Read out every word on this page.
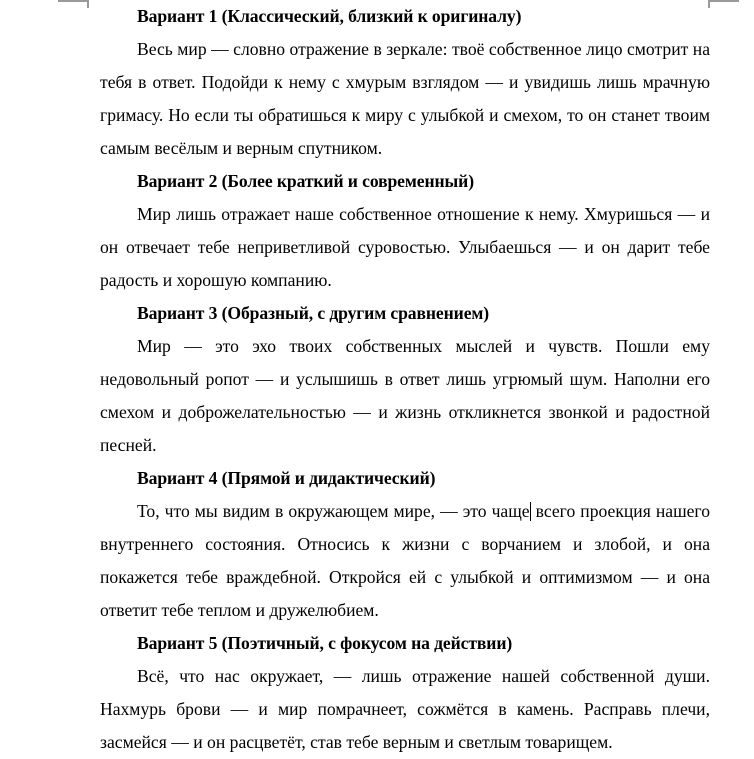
Вариант 1 (Классический, близкий к оригиналу)

Весь мир — словно отражение в зеркале: твоё собственное лицо смотрит на тебя в ответ. Подойди к нему с хмурым взглядом — и увидишь лишь мрачную гримасу. Но если ты обратишься к миру с улыбкой и смехом, то он станет твоим самым весёлым и верным спутником.

Вариант 2 (Более краткий и современный)

Мир лишь отражает наше собственное отношение к нему. Хмуришься — и он отвечает тебе неприветливой суровостью. Улыбаешься — и он дарит тебе радость и хорошую компанию.

Вариант 3 (Образный, с другим сравнением)

Мир — это эхо твоих собственных мыслей и чувств. Пошли ему недовольный ропот — и услышишь в ответ лишь угрюмый шум. Наполни его смехом и доброжелательностью — и жизнь откликнется звонкой и радостной песней.

Вариант 4 (Прямой и дидактический)

То, что мы видим в окружающем мире, — это чаще всего проекция нашего внутреннего состояния. Относись к жизни с ворчанием и злобой, и она покажется тебе враждебной. Откройся ей с улыбкой и оптимизмом — и она ответит тебе теплом и дружелюбием.

Вариант 5 (Поэтичный, с фокусом на действии)

Всё, что нас окружает, — лишь отражение нашей собственной души. Нахмурь брови — и мир помрачнеет, сожмётся в камень. Расправь плечи, засмейся — и он расцветёт, став тебе верным и светлым товарищем.
